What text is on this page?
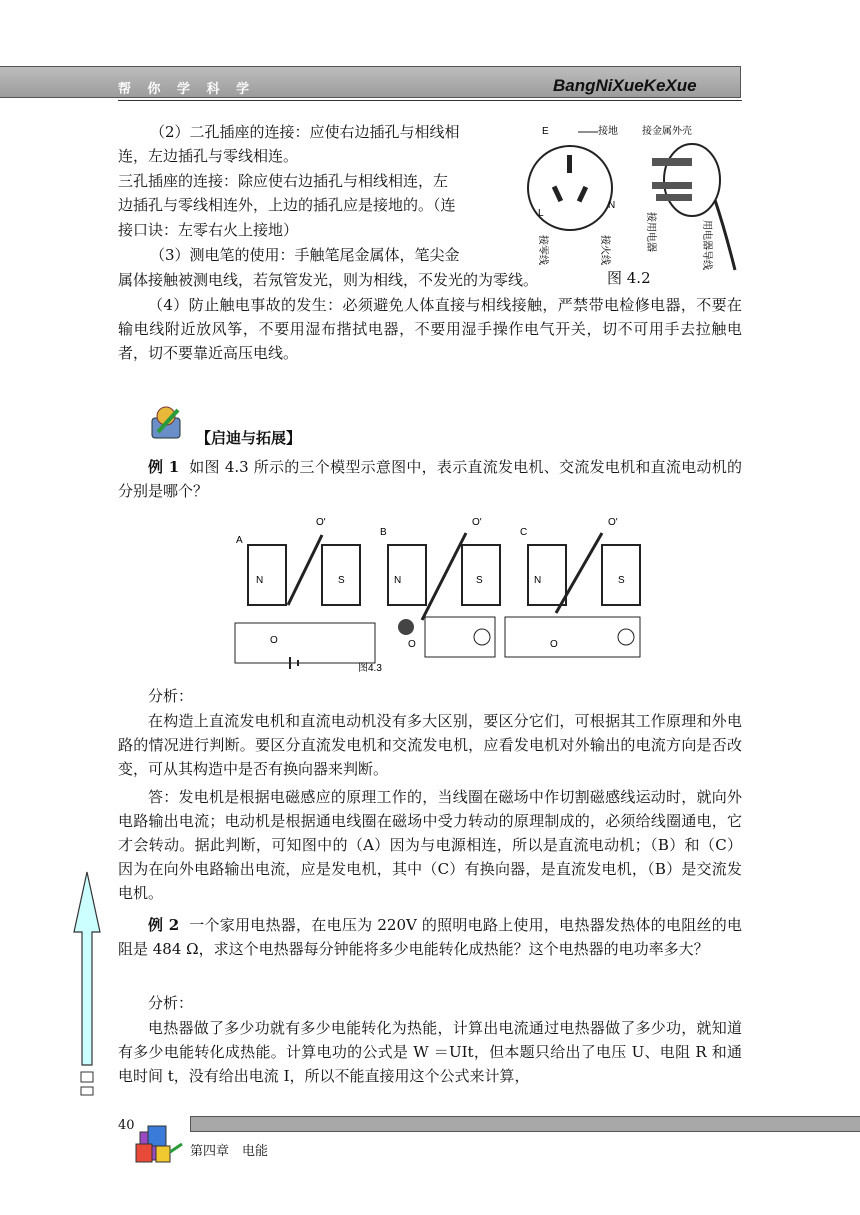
帮 你 学 科 学	BangNiXueKeXue
（2）二孔插座的连接：应使右边插孔与相线相
连，左边插孔与零线相连。
三孔插座的连接：除应使右边插孔与相线相连，左
边插孔与零线相连外，上边的插孔应是接地的。（连
接口诀：左零右火上接地）
（3）测电笔的使用：手触笔尾金属体，笔尖金
属体接触被测电线，若氖管发光，则为相线，不发光的为零线。
E	接地
L
N
接零线	接火线
接金属外壳
接用电器	用电器导线
图 4.2
（4）防止触电事故的发生：必须避免人体直接与相线接触，严禁带电检修电器，不要在输电线附近放风筝，不要用湿布揩拭电器，不要用湿手操作电气开关，切不可用手去拉触电者，切不要靠近高压电线。
【启迪与拓展】
例 1 如图 4.3 所示的三个模型示意图中，表示直流发电机、交流发电机和直流电动机的分别是哪个？
A
N	S
O'
O
B
N	S
O'
O
C
N	S
O'
O
图4.3
分析：
在构造上直流发电机和直流电动机没有多大区别，要区分它们，可根据其工作原理和外电路的情况进行判断。要区分直流发电机和交流发电机，应看发电机对外输出的电流方向是否改变，可从其构造中是否有换向器来判断。
答：发电机是根据电磁感应的原理工作的，当线圈在磁场中作切割磁感线运动时，就向外电路输出电流；电动机是根据通电线圈在磁场中受力转动的原理制成的，必须给线圈通电，它才会转动。据此判断，可知图中的（A）因为与电源相连，所以是直流电动机；（B）和（C）因为在向外电路输出电流，应是发电机，其中（C）有换向器，是直流发电机，（B）是交流发电机。
例 2 一个家用电热器，在电压为 220V 的照明电路上使用，电热器发热体的电阻丝的电阻是 484 Ω，求这个电热器每分钟能将多少电能转化成热能？这个电热器的电功率多大？
分析：
电热器做了多少功就有多少电能转化为热能，计算出电流通过电热器做了多少功，就知道有多少电能转化成热能。计算电功的公式是 W ＝UIt，但本题只给出了电压 U、电阻 R 和通电时间 t，没有给出电流 I，所以不能直接用这个公式来计算，
40
第四章　电能
